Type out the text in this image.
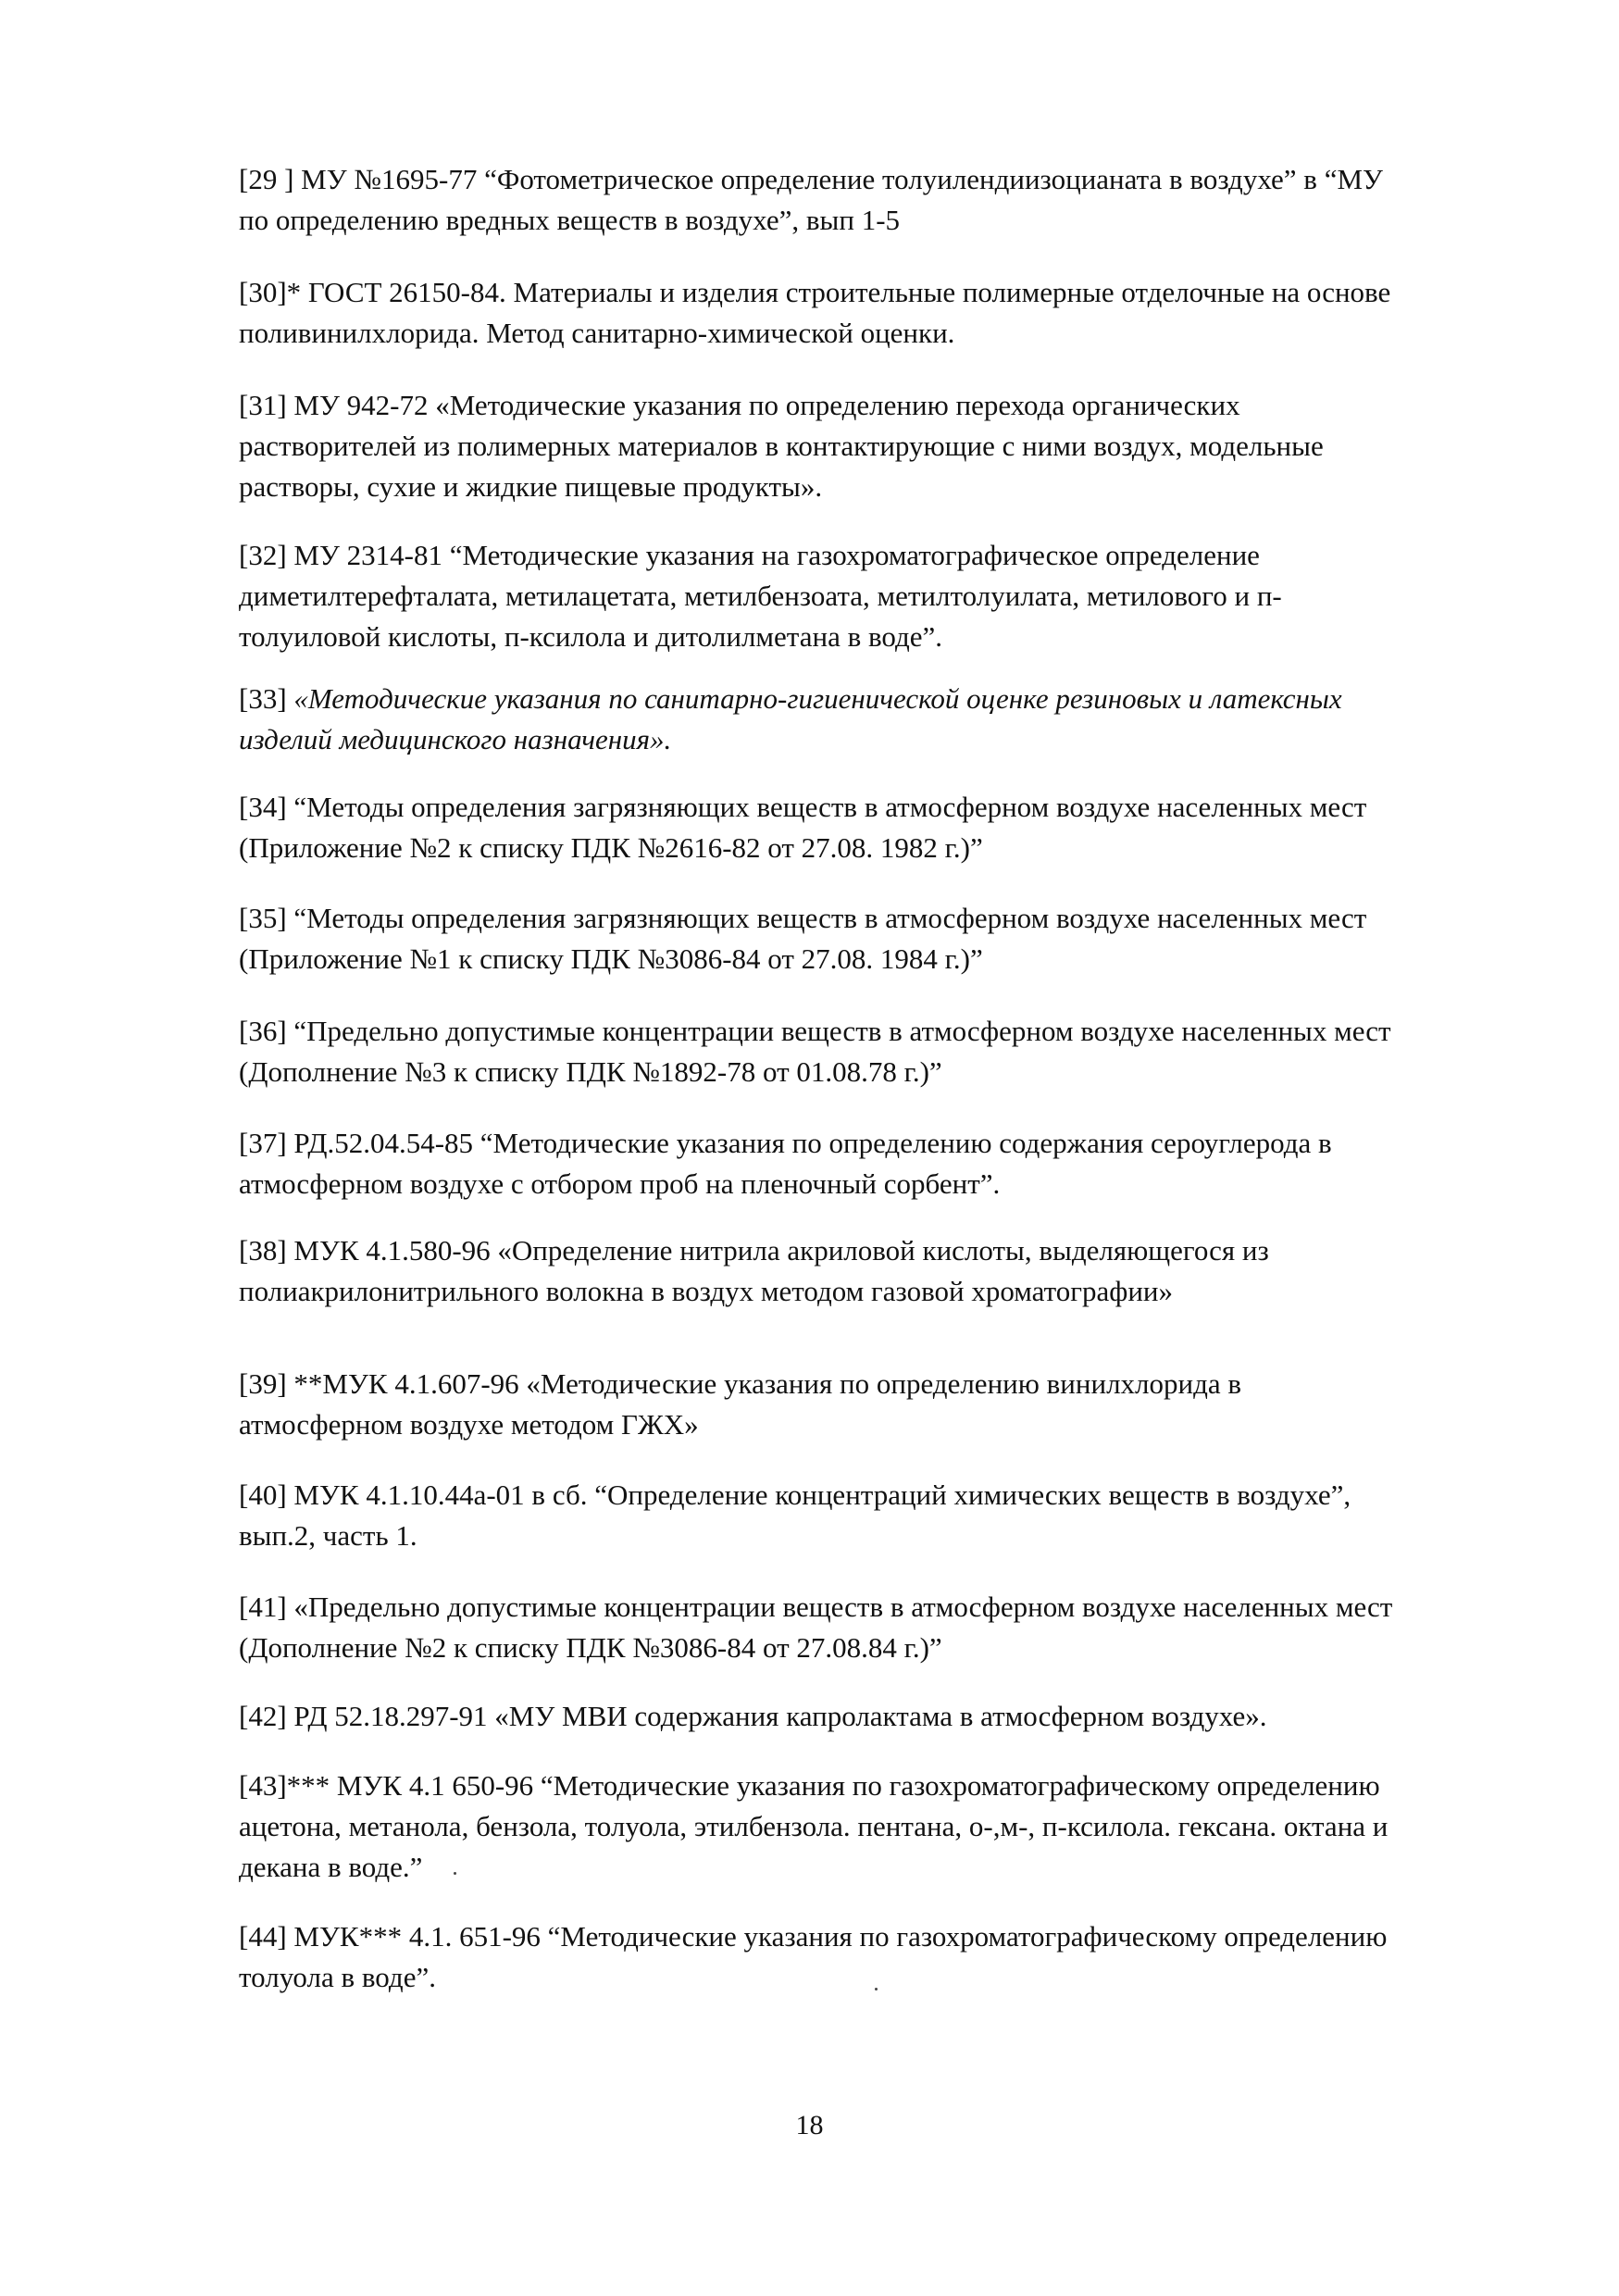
[29 ] МУ №1695-77 “Фотометрическое определение толуилендиизоцианата в воздухе” в “МУ по определению вредных веществ в воздухе”, вып 1-5

[30]* ГОСТ 26150-84. Материалы и изделия строительные полимерные отделочные на основе поливинилхлорида. Метод санитарно-химической оценки.

[31] МУ 942-72 «Методические указания по определению перехода органических растворителей из полимерных материалов в контактирующие с ними воздух, модельные растворы, сухие и жидкие пищевые продукты».

[32] МУ 2314-81 “Методические указания на газохроматографическое определение диметилтерефталата, метилацетата, метилбензоата, метилтолуилата, метилового и п-толуиловой кислоты, п-ксилола и дитолилметана в воде”.

[33] «Методические указания по санитарно-гигиенической оценке резиновых и латексных изделий медицинского назначения».

[34] “Методы определения загрязняющих веществ в атмосферном воздухе населенных мест (Приложение №2 к списку ПДК №2616-82 от 27.08. 1982 г.)”

[35] “Методы определения загрязняющих веществ в атмосферном воздухе населенных мест (Приложение №1 к списку ПДК №3086-84 от 27.08. 1984 г.)”

[36] “Предельно допустимые концентрации веществ в атмосферном воздухе населенных мест (Дополнение №3 к списку ПДК №1892-78 от 01.08.78 г.)”

[37] РД.52.04.54-85 “Методические указания по определению содержания сероуглерода в атмосферном воздухе с отбором проб на пленочный сорбент”.

[38] МУК 4.1.580-96 «Определение нитрила акриловой кислоты, выделяющегося из полиакрилонитрильного волокна в воздух методом газовой хроматографии»

[39] **МУК 4.1.607-96 «Методические указания по определению винилхлорида в атмосферном воздухе методом ГЖХ»

[40] МУК 4.1.10.44а-01 в сб. “Определение концентраций химических веществ в воздухе”, вып.2, часть 1.

[41] «Предельно допустимые концентрации веществ в атмосферном воздухе населенных мест (Дополнение №2 к списку ПДК №3086-84 от 27.08.84 г.)”

[42] РД 52.18.297-91 «МУ МВИ содержания капролактама в атмосферном воздухе».

[43]*** МУК 4.1 650-96 “Методические указания по газохроматографическому определению ацетона, метанола, бензола, толуола, этилбензола. пентана, о-,м-, п-ксилола. гексана. октана и декана в воде.”

[44] МУК*** 4.1. 651-96 “Методические указания по газохроматографическому определению толуола в воде”.

18
